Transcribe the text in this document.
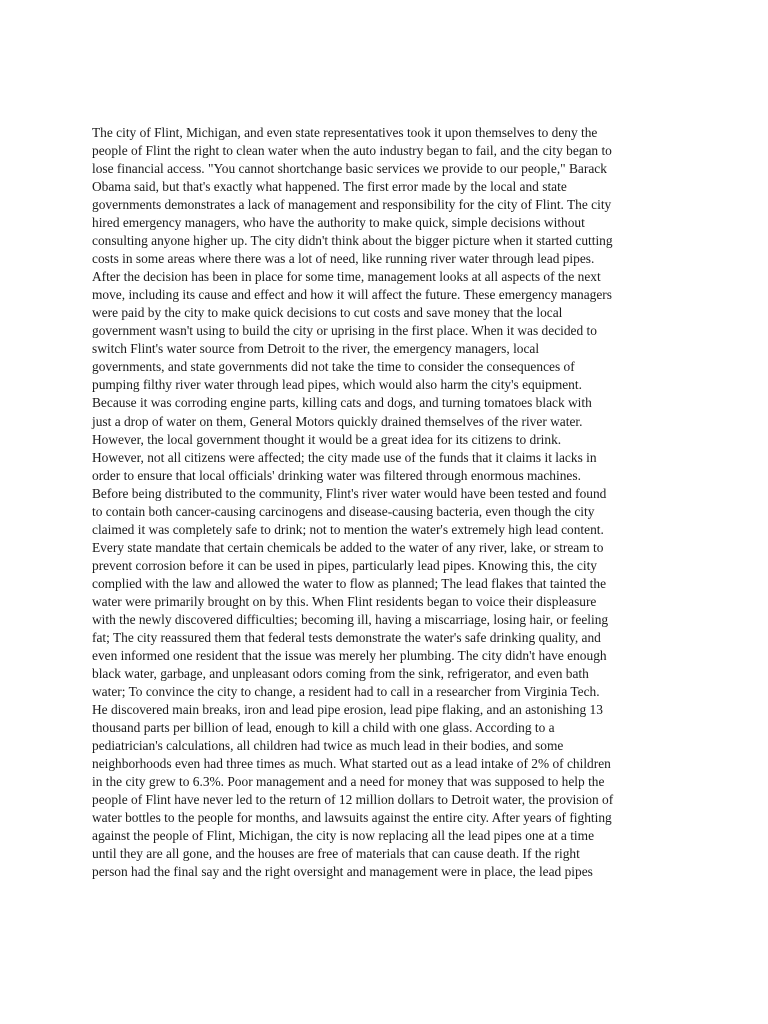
The city of Flint, Michigan, and even state representatives took it upon themselves to deny the
people of Flint the right to clean water when the auto industry began to fail, and the city began to
lose financial access. "You cannot shortchange basic services we provide to our people," Barack
Obama said, but that's exactly what happened. The first error made by the local and state
governments demonstrates a lack of management and responsibility for the city of Flint. The city
hired emergency managers, who have the authority to make quick, simple decisions without
consulting anyone higher up. The city didn't think about the bigger picture when it started cutting
costs in some areas where there was a lot of need, like running river water through lead pipes.
After the decision has been in place for some time, management looks at all aspects of the next
move, including its cause and effect and how it will affect the future. These emergency managers
were paid by the city to make quick decisions to cut costs and save money that the local
government wasn't using to build the city or uprising in the first place. When it was decided to
switch Flint's water source from Detroit to the river, the emergency managers, local
governments, and state governments did not take the time to consider the consequences of
pumping filthy river water through lead pipes, which would also harm the city's equipment.
Because it was corroding engine parts, killing cats and dogs, and turning tomatoes black with
just a drop of water on them, General Motors quickly drained themselves of the river water.
However, the local government thought it would be a great idea for its citizens to drink.
However, not all citizens were affected; the city made use of the funds that it claims it lacks in
order to ensure that local officials' drinking water was filtered through enormous machines.
Before being distributed to the community, Flint's river water would have been tested and found
to contain both cancer-causing carcinogens and disease-causing bacteria, even though the city
claimed it was completely safe to drink; not to mention the water's extremely high lead content.
Every state mandate that certain chemicals be added to the water of any river, lake, or stream to
prevent corrosion before it can be used in pipes, particularly lead pipes. Knowing this, the city
complied with the law and allowed the water to flow as planned; The lead flakes that tainted the
water were primarily brought on by this. When Flint residents began to voice their displeasure
with the newly discovered difficulties; becoming ill, having a miscarriage, losing hair, or feeling
fat; The city reassured them that federal tests demonstrate the water's safe drinking quality, and
even informed one resident that the issue was merely her plumbing. The city didn't have enough
black water, garbage, and unpleasant odors coming from the sink, refrigerator, and even bath
water; To convince the city to change, a resident had to call in a researcher from Virginia Tech.
He discovered main breaks, iron and lead pipe erosion, lead pipe flaking, and an astonishing 13
thousand parts per billion of lead, enough to kill a child with one glass. According to a
pediatrician's calculations, all children had twice as much lead in their bodies, and some
neighborhoods even had three times as much. What started out as a lead intake of 2% of children
in the city grew to 6.3%. Poor management and a need for money that was supposed to help the
people of Flint have never led to the return of 12 million dollars to Detroit water, the provision of
water bottles to the people for months, and lawsuits against the entire city. After years of fighting
against the people of Flint, Michigan, the city is now replacing all the lead pipes one at a time
until they are all gone, and the houses are free of materials that can cause death. If the right
person had the final say and the right oversight and management were in place, the lead pipes
